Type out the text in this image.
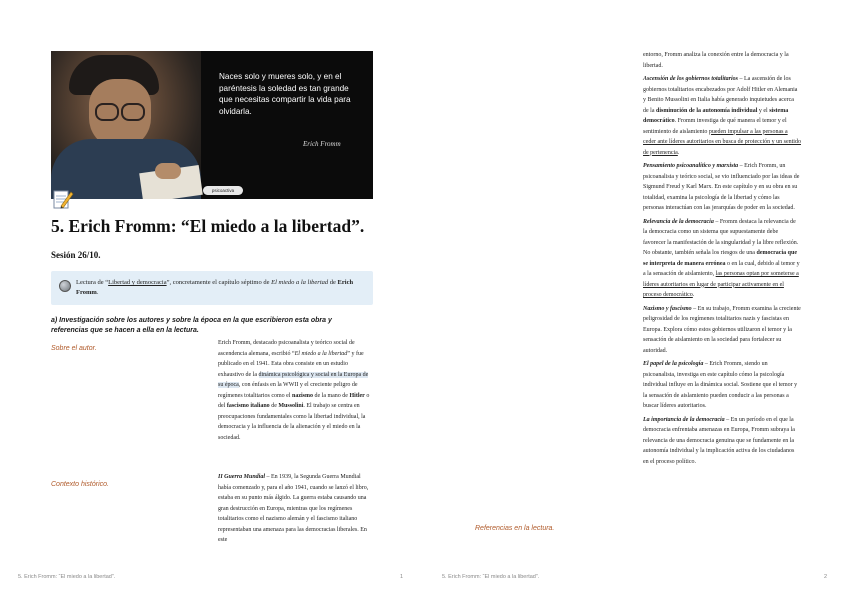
Naces solo y mueres solo, y en el
paréntesis la soledad es tan grande
que necesitas compartir la vida para
olvidarla.
Erich Fromm
psicoactiva
5. Erich Fromm: “El miedo a la libertad”.
Sesión 26/10.
Lectura de “Libertad y democracia”, concretamente el capítulo séptimo de El miedo a la libertad de Erich Fromm.
a) Investigación sobre los autores y sobre la época en la que escribieron esta obra y referencias que se hacen a ella en la lectura.
Sobre el autor.
Erich Fromm, destacado psicoanalista y teórico social de ascendencia alemana, escribió “El miedo a la libertad” y fue publicado en el 1941. Esta obra consiste en un estudio exhaustivo de la dinámica psicológica y social en la Europa de su época, con énfasis en la WWII y el creciente peligro de regímenes totalitarios como el nazismo de la mano de Hitler o del fascismo italiano de Mussolini. El trabajo se centra en preocupaciones fundamentales como la libertad individual, la democracia y la influencia de la alienación y el miedo en la sociedad.
Contexto histórico.
II Guerra Mundial – En 1939, la Segunda Guerra Mundial había comenzado y, para el año 1941, cuando se lanzó el libro, estaba en su punto más álgido. La guerra estaba causando una gran destrucción en Europa, mientras que los regímenes totalitarios como el nazismo alemán y el fascismo italiano representaban una amenaza para las democracias liberales. En este
5. Erich Fromm: “El miedo a la libertad”.	1
entorno, Fromm analiza la conexión entre la democracia y la libertad.
Ascensión de los gobiernos totalitarios – La ascensión de los gobiernos totalitarios encabezados por Adolf Hitler en Alemania y Benito Mussolini en Italia había generado inquietudes acerca de la disminución de la autonomía individual y el sistema democrático. Fromm investiga de qué manera el temor y el sentimiento de aislamiento pueden impulsar a las personas a ceder ante líderes autoritarios en busca de protección y un sentido de pertenencia.
Pensamiento psicoanalítico y marxista – Erich Fromm, un psicoanalista y teórico social, se vio influenciado por las ideas de Sigmund Freud y Karl Marx. En este capítulo y en su obra en su totalidad, examina la psicología de la libertad y cómo las personas interactúan con las jerarquías de poder en la sociedad.
Relevancia de la democracia – Fromm destaca la relevancia de la democracia como un sistema que supuestamente debe favorecer la manifestación de la singularidad y la libre reflexión. No obstante, también señala los riesgos de una democracia que se interpreta de manera errónea o en la cual, debido al temor y a la sensación de aislamiento, las personas optan por someterse a líderes autoritarios en lugar de participar activamente en el proceso democrático.
Nazismo y fascismo – En su trabajo, Fromm examina la creciente peligrosidad de los regímenes totalitarios nazis y fascistas en Europa. Explora cómo estos gobiernos utilizaron el temor y la sensación de aislamiento en la sociedad para fortalecer su autoridad.
El papel de la psicología – Erich Fromm, siendo un psicoanalista, investiga en este capítulo cómo la psicología individual influye en la dinámica social. Sostiene que el temor y la sensación de aislamiento pueden conducir a las personas a buscar líderes autoritarios.
La importancia de la democracia – En un período en el que la democracia enfrentaba amenazas en Europa, Fromm subraya la relevancia de una democracia genuina que se fundamente en la autonomía individual y la implicación activa de los ciudadanos en el proceso político.
Referencias en la lectura.
5. Erich Fromm: “El miedo a la libertad”.	2
